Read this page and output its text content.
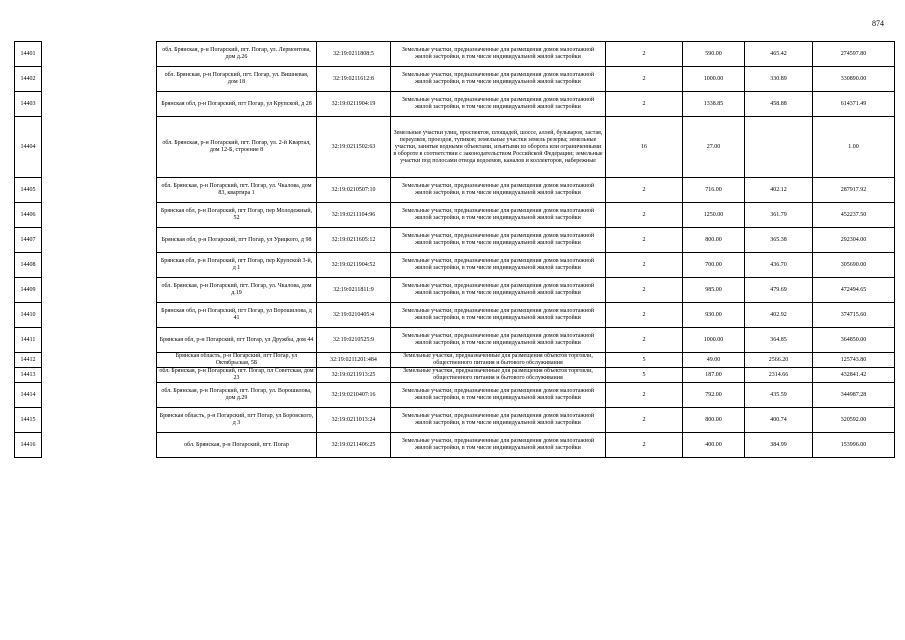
874
14401		обл. Брянская, р-н Погарский, пгт. Погар, ул. Лермонтова, дом д.26	32:19:0211808:5	Земельные участки, предназначенные для размещения домов малоэтажной жилой застройки, в том числе индивидуальной жилой застройки	2	590.00	465.42	274597.80
14402		обл. Брянская, р-н Погарский, пгт. Погар, ул. Вишневая, дом 18	32:19:0211612:8	Земельные участки, предназначенные для размещения домов малоэтажной жилой застройки, в том числе индивидуальной жилой застройки	2	1000.00	330.89	330890.00
14403		Брянская обл, р-н Погарский, пгт Погар, ул Крупской, д 28	32:19:0211904:19	Земельные участки, предназначенные для размещения домов малоэтажной жилой застройки, в том числе индивидуальной жилой застройки	2	1338.85	458.88	614371.49
14404		обл. Брянская, р-н Погарский, пгт. Погар, ул. 2-й Квартал, дом 12-Б, строение 8	32:19:0211502:63	Земельные участки улиц, проспектов, площадей, шоссе, аллей, бульваров, застав, переулков, проездов, тупиков; земельные участки земель резерва; земельные участки, занятые водными объектами, изъятыми из оборота или ограниченными в обороте в соответствии с законодательством Российской Федерации; земельные участки под полосами отвода водоемов, каналов и коллекторов, набережные	16	27.00		1.00
14405		обл. Брянская, р-н Погарский, пгт. Погар, ул. Чкалова, дом 83, квартира 1	32:19:0210507:10	Земельные участки, предназначенные для размещения домов малоэтажной жилой застройки, в том числе индивидуальной жилой застройки	2	716.00	402.12	287917.92
14406		Брянская обл, р-н Погарский, пгт Погар, пер Молодежный, 52	32:19:0211104:96	Земельные участки, предназначенные для размещения домов малоэтажной жилой застройки, в том числе индивидуальной жилой застройки	2	1250.00	361.79	452237.50
14407		Брянская обл, р-н Погарский, пгт Погар, ул Урицкого, д 98	32:19:0211605:12	Земельные участки, предназначенные для размещения домов малоэтажной жилой застройки, в том числе индивидуальной жилой застройки	2	800.00	365.38	292304.00
14408		Брянская обл, р-н Погарский, пгт Погар, пер Крупской 3-й, д 1	32:19:0211904:52	Земельные участки, предназначенные для размещения домов малоэтажной жилой застройки, в том числе индивидуальной жилой застройки	2	700.00	436.70	305690.00
14409		обл. Брянская, р-н Погарский, пгт. Погар, ул. Чкалова, дом д.19	32:19:0211811:9	Земельные участки, предназначенные для размещения домов малоэтажной жилой застройки, в том числе индивидуальной жилой застройки	2	985.00	479.69	472494.65
14410		Брянская обл, р-н Погарский, пгт Погар, ул Ворошилова, д 41	32:19:0210405:4	Земельные участки, предназначенные для размещения домов малоэтажной жилой застройки, в том числе индивидуальной жилой застройки	2	930.00	402.92	374715.60
14411		Брянская обл, р-н Погарский, пгт Погар, ул Дружбы, дом 44	32:19:0210525:9	Земельные участки, предназначенные для размещения домов малоэтажной жилой застройки, в том числе индивидуальной жилой застройки	2	1000.00	364.85	364850.00
14412		Брянская область, р-н Погарский, пгт Погар, ул Октябрьская, 5Б	32:19:0211201:484	Земельные участки, предназначенные для размещения объектов торговли, общественного питания и бытового обслуживания	5	49.00	2566.20	125743.80
14413		обл. Брянская, р-н Погарский, пгт. Погар, пл Советская, дом 23	32:19:0211913:25	Земельные участки, предназначенные для размещения объектов торговли, общественного питания и бытового обслуживания	5	187.00	2314.66	432841.42
14414		обл. Брянская, р-н Погарский, пгт. Погар, ул. Ворошилова, дом д.29	32:19:0210407:16	Земельные участки, предназначенные для размещения домов малоэтажной жилой застройки, в том числе индивидуальной жилой застройки	2	792.00	435.59	344987.28
14415		Брянская область, р-н Погарский, пгт Погар, ул Боровского, д 3	32:19:0211013:24	Земельные участки, предназначенные для размещения домов малоэтажной жилой застройки, в том числе индивидуальной жилой застройки	2	800.00	400.74	320592.00
14416		обл. Брянская, р-н Погарский, пгт. Погар	32:19:0211406:25	Земельные участки, предназначенные для размещения домов малоэтажной жилой застройки, в том числе индивидуальной жилой застройки	2	400.00	384.99	153996.00
